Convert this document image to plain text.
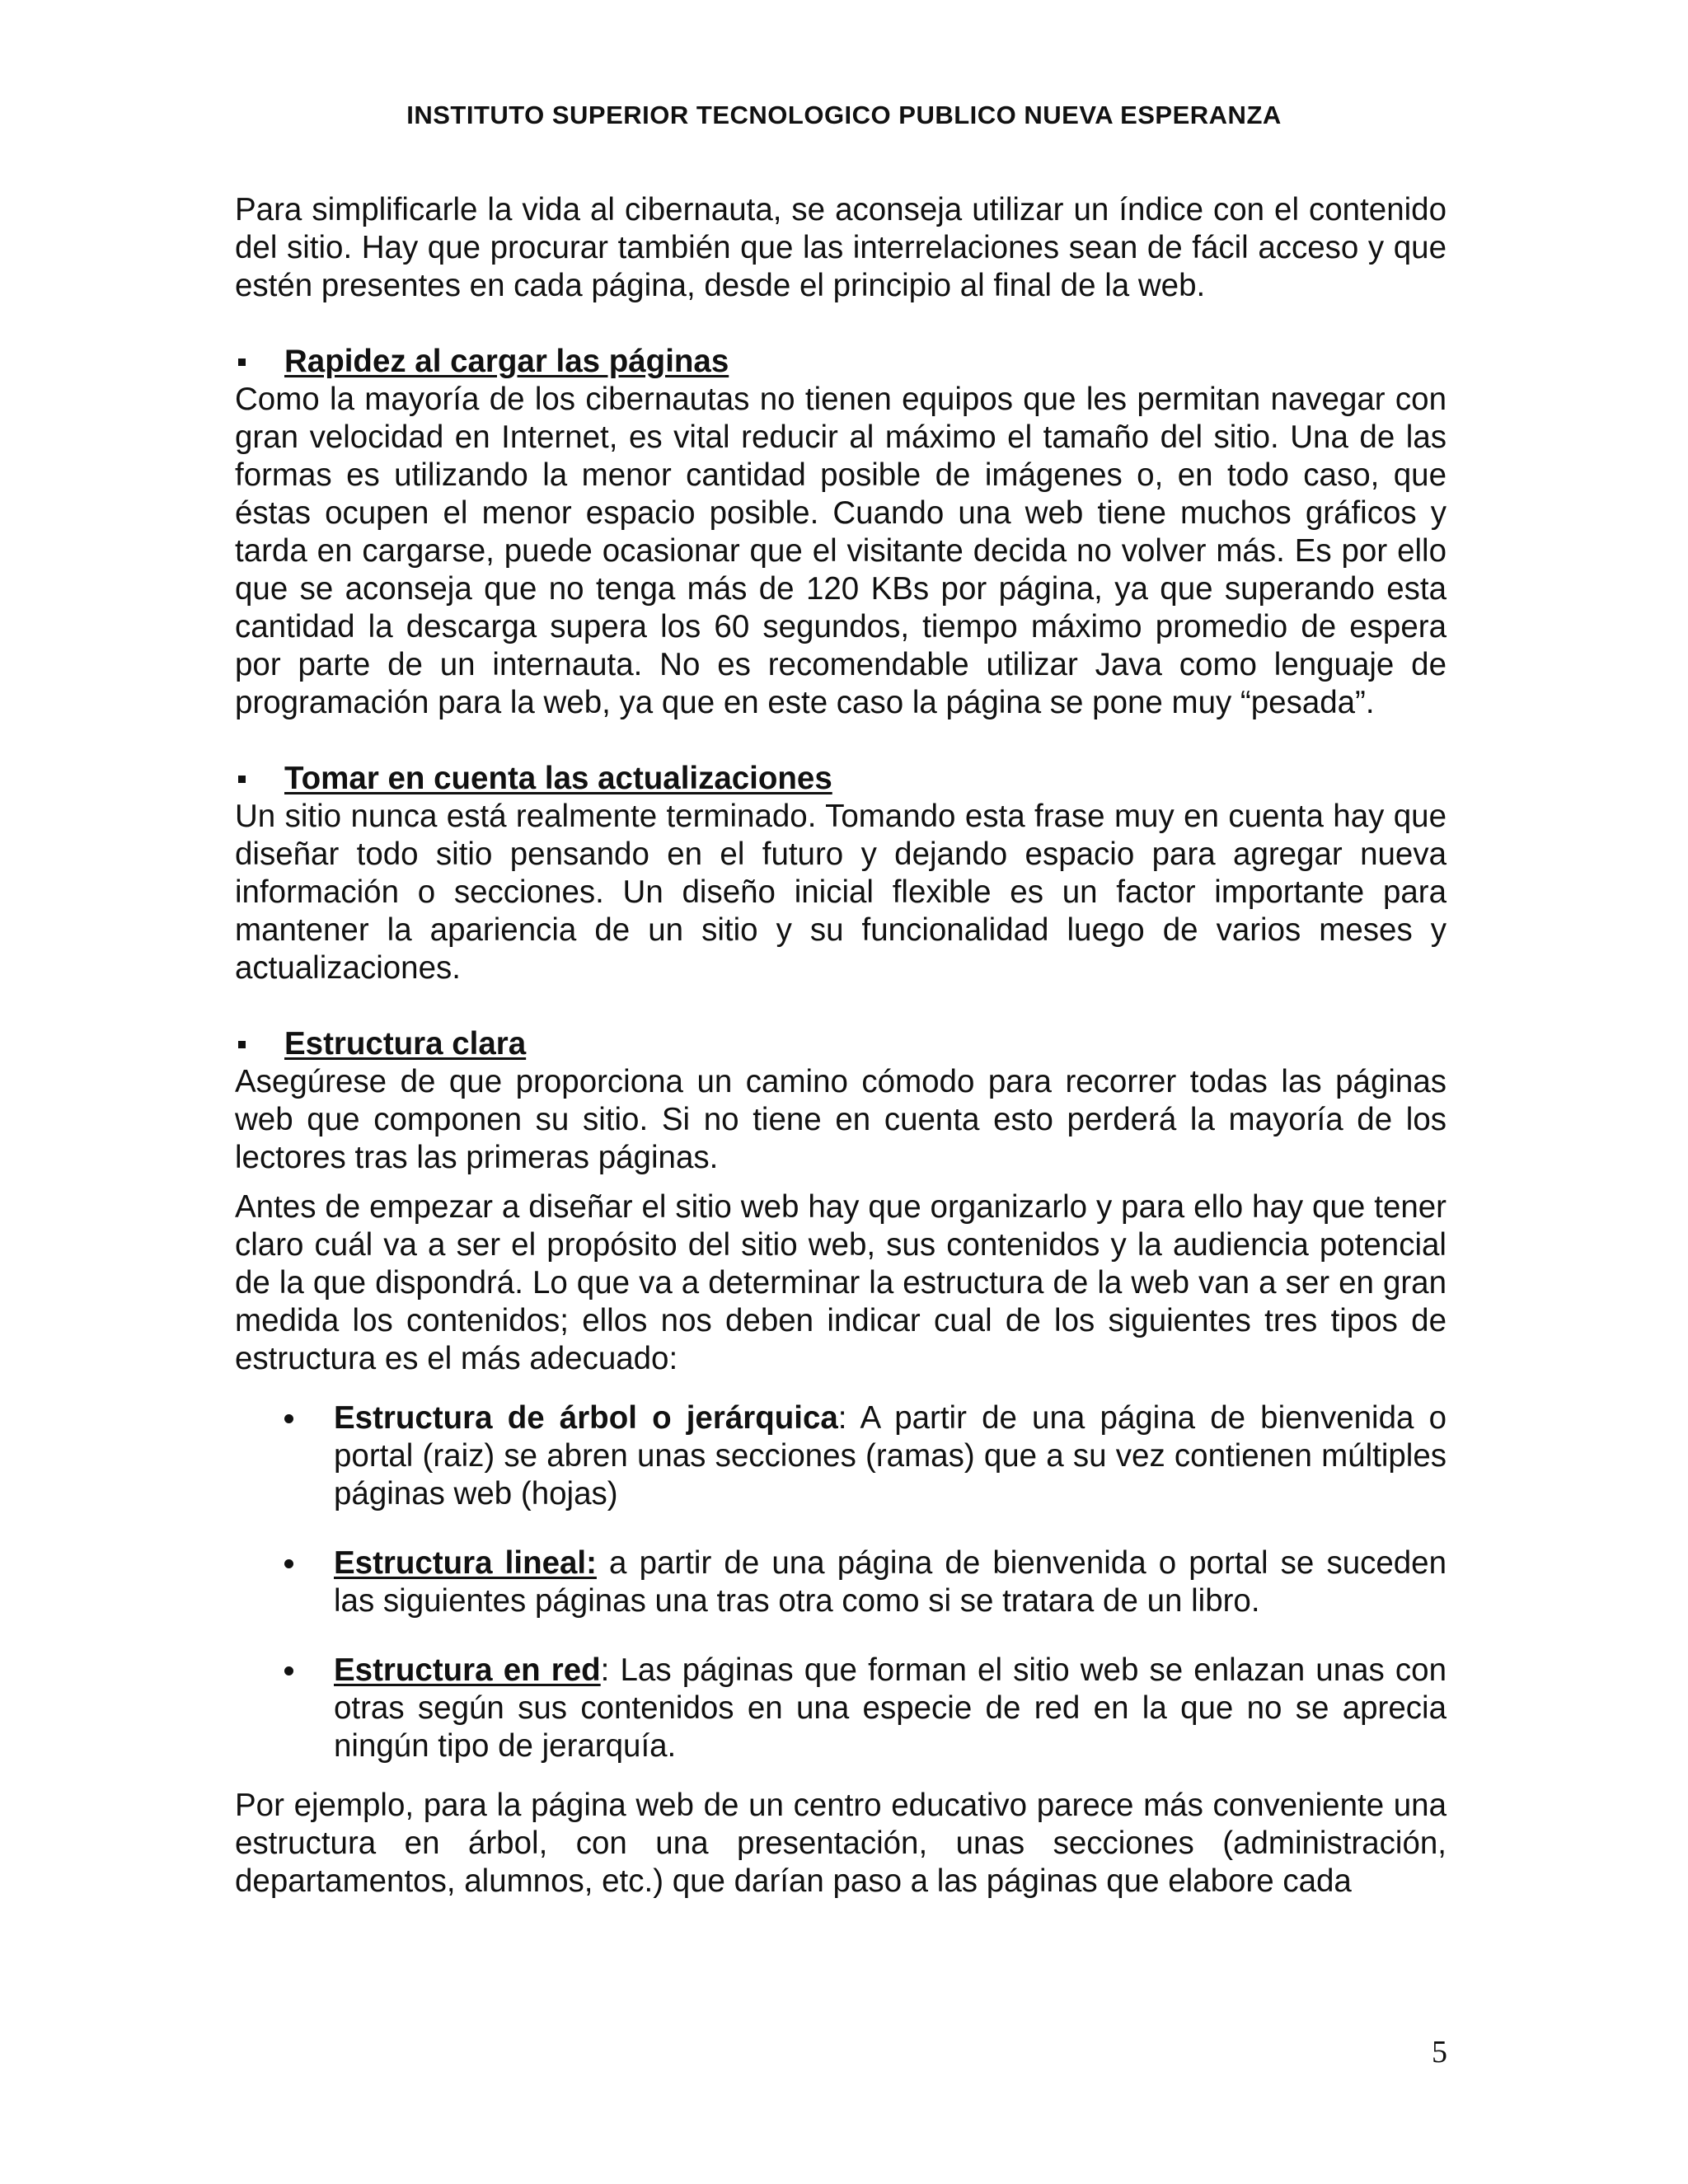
INSTITUTO SUPERIOR TECNOLOGICO PUBLICO NUEVA ESPERANZA

Para simplificarle la vida al cibernauta, se aconseja utilizar un índice con el contenido del sitio. Hay que procurar también que las interrelaciones sean de fácil acceso y que estén presentes en cada página, desde el principio al final de la web.

Rapidez al cargar las páginas

Como la mayoría de los cibernautas no tienen equipos que les permitan navegar con gran velocidad en Internet, es vital reducir al máximo el tamaño del sitio. Una de las formas es utilizando la menor cantidad posible de imágenes o, en todo caso, que éstas ocupen el menor espacio posible. Cuando una web tiene muchos gráficos y tarda en cargarse, puede ocasionar que el visitante decida no volver más. Es por ello que se aconseja que no tenga más de 120 KBs por página, ya que superando esta cantidad la descarga supera los 60 segundos, tiempo máximo promedio de espera por parte de un internauta. No es recomendable utilizar Java como lenguaje de programación para la web, ya que en este caso la página se pone muy “pesada”.

Tomar en cuenta las actualizaciones

Un sitio nunca está realmente terminado. Tomando esta frase muy en cuenta hay que diseñar todo sitio pensando en el futuro y dejando espacio para agregar nueva información o secciones. Un diseño inicial flexible es un factor importante para mantener la apariencia de un sitio y su funcionalidad luego de varios meses y actualizaciones.

Estructura clara

Asegúrese de que proporciona un camino cómodo para recorrer todas las páginas web que componen su sitio. Si no tiene en cuenta esto perderá la mayoría de los lectores tras las primeras páginas.

Antes de empezar a diseñar el sitio web hay que organizarlo y para ello hay que tener claro cuál va a ser el propósito del sitio web, sus contenidos y la audiencia potencial de la que dispondrá. Lo que va a determinar la estructura de la web van a ser en gran medida los contenidos; ellos nos deben indicar cual de los siguientes tres tipos de estructura es el más adecuado:

Estructura de árbol o jerárquica: A partir de una página de bienvenida o portal (raiz) se abren unas secciones (ramas) que a su vez contienen múltiples páginas web (hojas)
Estructura lineal: a partir de una página de bienvenida o portal se suceden las siguientes páginas una tras otra como si se tratara de un libro.
Estructura en red: Las páginas que forman el sitio web se enlazan unas con otras según sus contenidos en una especie de red en la que no se aprecia ningún tipo de jerarquía.

Por ejemplo, para la página web de un centro educativo parece más conveniente una estructura en árbol, con una presentación, unas secciones (administración, departamentos, alumnos, etc.) que darían paso a las páginas que elabore cada

5
